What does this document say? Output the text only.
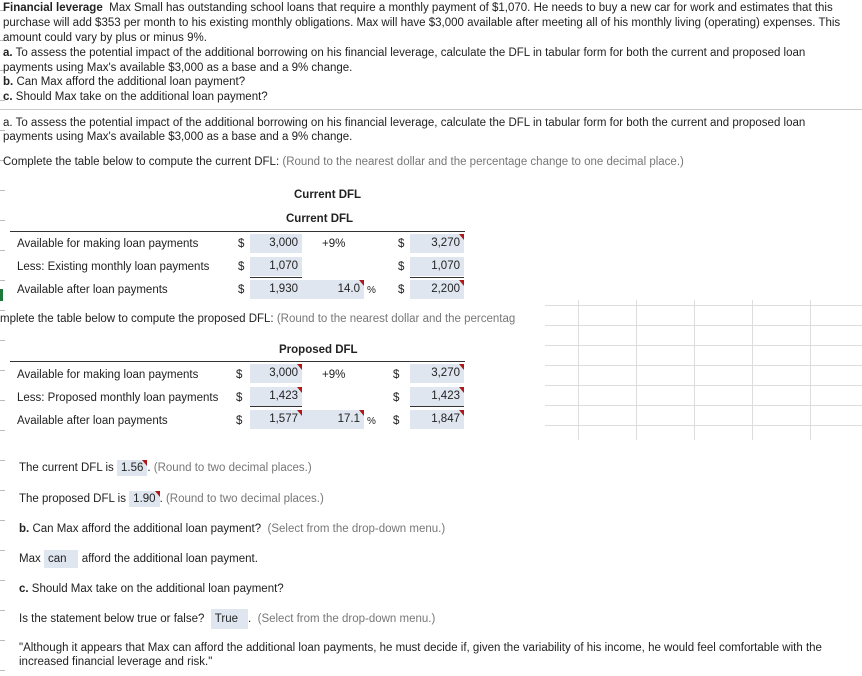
Financial leverage Max Small has outstanding school loans that require a monthly payment of $1,070. He needs to buy a new car for work and estimates that this
purchase will add $353 per month to his existing monthly obligations. Max will have $3,000 available after meeting all of his monthly living (operating) expenses. This
amount could vary by plus or minus 9%.
a. To assess the potential impact of the additional borrowing on his financial leverage, calculate the DFL in tabular form for both the current and proposed loan
payments using Max's available $3,000 as a base and a 9% change.
b. Can Max afford the additional loan payment?
c. Should Max take on the additional loan payment?
a. To assess the potential impact of the additional borrowing on his financial leverage, calculate the DFL in tabular form for both the current and proposed loan
payments using Max's available $3,000 as a base and a 9% change.
Complete the table below to compute the current DFL: (Round to the nearest dollar and the percentage change to one decimal place.)
Current DFL
Current DFL
Available for making loan payments	$	3,000	+9%	$	3,270
Less: Existing monthly loan payments $	1,070	$	1,070
Available after loan payments	$	1,930	14.0 % $	2,200
mplete the table below to compute the proposed DFL: (Round to the nearest dollar and the percentag
Proposed DFL
Available for making loan payments	$	3,000	+9%	$	3,270
Less: Proposed monthly loan payments $	1,423	$	1,423
Available after loan payments	$	1,577	17.1 % $	1,847
The current DFL is 1.56 . (Round to two decimal places.)
The proposed DFL is 1.90 . (Round to two decimal places.)
b. Can Max afford the additional loan payment? (Select from the drop-down menu.)
Max can afford the additional loan payment.
c. Should Max take on the additional loan payment?
Is the statement below true or false? True .  (Select from the drop-down menu.)
"Although it appears that Max can afford the additional loan payments, he must decide if, given the variability of his income, he would feel comfortable with the
increased financial leverage and risk."
